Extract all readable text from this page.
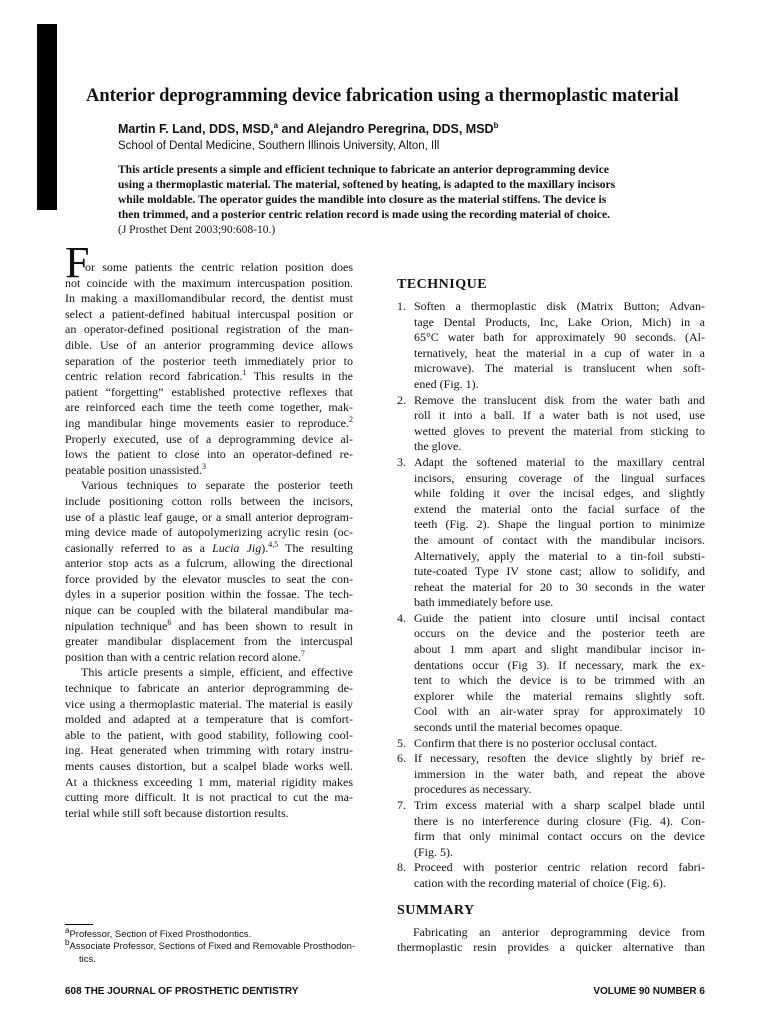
Anterior deprogramming device fabrication using a thermoplastic material
Martin F. Land, DDS, MSD,$^a$ and Alejandro Peregrina, DDS, MSD$^b$
School of Dental Medicine, Southern Illinois University, Alton, Ill
This article presents a simple and efficient technique to fabricate an anterior deprogramming device
using a thermoplastic material. The material, softened by heating, is adapted to the maxillary incisors
while moldable. The operator guides the mandible into closure as the material stiffens. The device is
then trimmed, and a posterior centric relation record is made using the recording material of choice.
(J Prosthet Dent 2003;90:608-10.)
F
or some patients the centric relation position does
not coincide with the maximum intercuspation position.
In making a maxillomandibular record, the dentist must
select a patient-defined habitual intercuspal position or
an operator-defined positional registration of the man-
dible. Use of an anterior programming device allows
separation of the posterior teeth immediately prior to
centric relation record fabrication.$^1$ This results in the
patient “forgetting” established protective reflexes that
are reinforced each time the teeth come together, mak-
ing mandibular hinge movements easier to reproduce.$^2$
Properly executed, use of a deprogramming device al-
lows the patient to close into an operator-defined re-
peatable position unassisted.$^3$
Various techniques to separate the posterior teeth
include positioning cotton rolls between the incisors,
use of a plastic leaf gauge, or a small anterior deprogram-
ming device made of autopolymerizing acrylic resin (oc-
casionally referred to as a Lucia Jig).$^{4,5}$ The resulting
anterior stop acts as a fulcrum, allowing the directional
force provided by the elevator muscles to seat the con-
dyles in a superior position within the fossae. The tech-
nique can be coupled with the bilateral mandibular ma-
nipulation technique$^6$ and has been shown to result in
greater mandibular displacement from the intercuspal
position than with a centric relation record alone.$^7$
This article presents a simple, efficient, and effective
technique to fabricate an anterior deprogramming de-
vice using a thermoplastic material. The material is easily
molded and adapted at a temperature that is comfort-
able to the patient, with good stability, following cool-
ing. Heat generated when trimming with rotary instru-
ments causes distortion, but a scalpel blade works well.
At a thickness exceeding 1 mm, material rigidity makes
cutting more difficult. It is not practical to cut the ma-
terial while still soft because distortion results.
$^a$Professor, Section of Fixed Prosthodontics.
$^b$Associate Professor, Sections of Fixed and Removable Prosthodon-
tics.
TECHNIQUE
1. Soften a thermoplastic disk (Matrix Button; Advan-
tage Dental Products, Inc, Lake Orion, Mich) in a
65°C water bath for approximately 90 seconds. (Al-
ternatively, heat the material in a cup of water in a
microwave). The material is translucent when soft-
ened (Fig. 1).
2. Remove the translucent disk from the water bath and
roll it into a ball. If a water bath is not used, use
wetted gloves to prevent the material from sticking to
the glove.
3. Adapt the softened material to the maxillary central
incisors, ensuring coverage of the lingual surfaces
while folding it over the incisal edges, and slightly
extend the material onto the facial surface of the
teeth (Fig. 2). Shape the lingual portion to minimize
the amount of contact with the mandibular incisors.
Alternatively, apply the material to a tin-foil substi-
tute-coated Type IV stone cast; allow to solidify, and
reheat the material for 20 to 30 seconds in the water
bath immediately before use.
4. Guide the patient into closure until incisal contact
occurs on the device and the posterior teeth are
about 1 mm apart and slight mandibular incisor in-
dentations occur (Fig 3). If necessary, mark the ex-
tent to which the device is to be trimmed with an
explorer while the material remains slightly soft.
Cool with an air-water spray for approximately 10
seconds until the material becomes opaque.
5. Confirm that there is no posterior occlusal contact.
6. If necessary, resoften the device slightly by brief re-
immersion in the water bath, and repeat the above
procedures as necessary.
7. Trim excess material with a sharp scalpel blade until
there is no interference during closure (Fig. 4). Con-
firm that only minimal contact occurs on the device
(Fig. 5).
8. Proceed with posterior centric relation record fabri-
cation with the recording material of choice (Fig. 6).
SUMMARY
Fabricating an anterior deprogramming device from
thermoplastic resin provides a quicker alternative than
608 THE JOURNAL OF PROSTHETIC DENTISTRY	VOLUME 90 NUMBER 6
